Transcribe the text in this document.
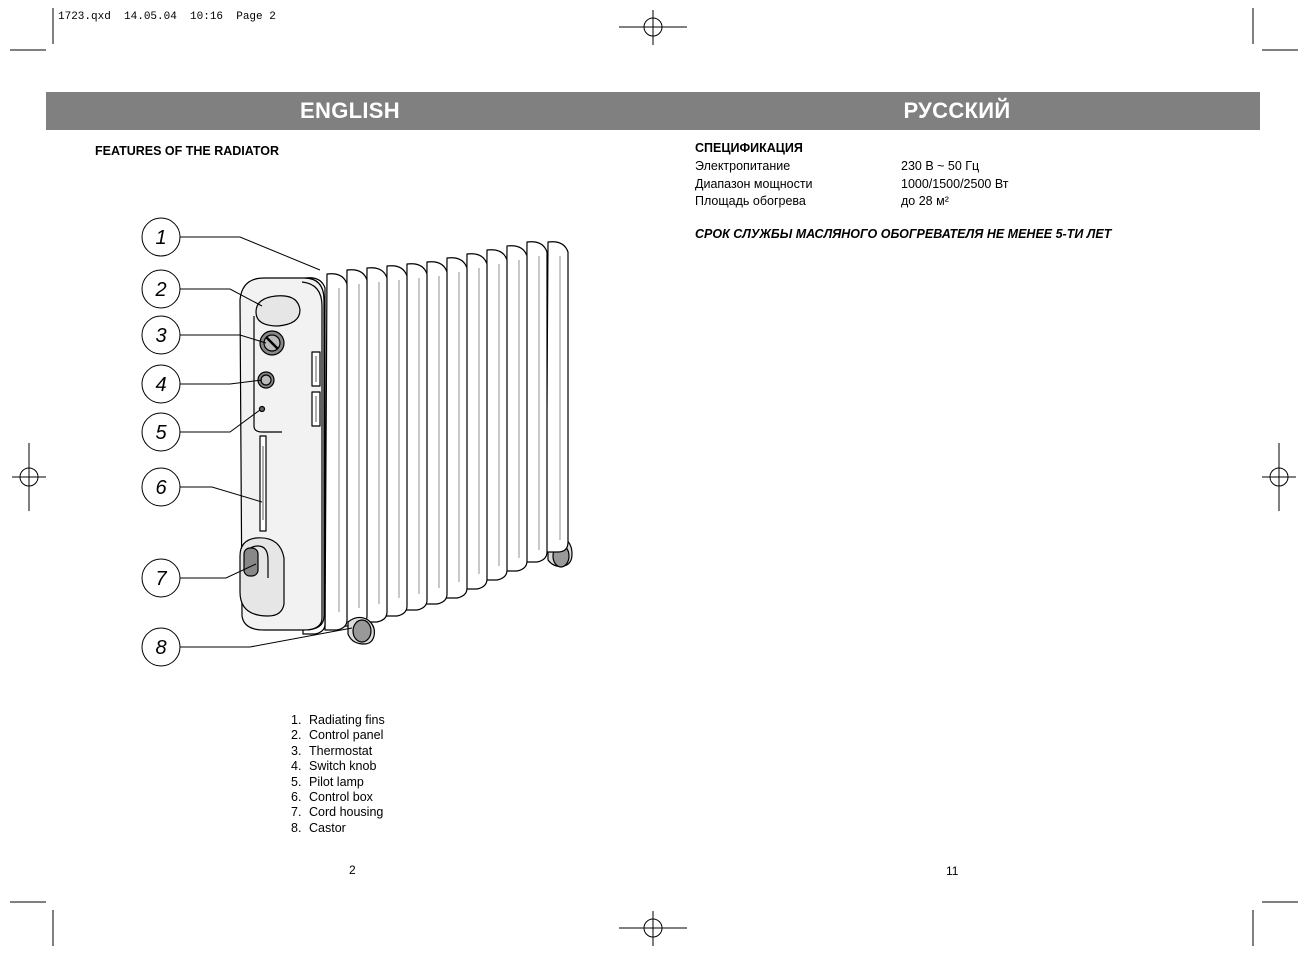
1723.qxd  14.05.04  10:16  Page 2
ENGLISH	РУССКИЙ
FEATURES OF THE RADIATOR
1
2
3
4
5
6
7
8
1. Radiating fins
2. Control panel
3. Thermostat
4. Switch knob
5. Pilot lamp
6. Control box
7. Cord housing
8. Castor
2
СПЕЦИФИКАЦИЯ
Электропитание	230 В ~ 50 Гц
Диапазон мощности	1000/1500/2500 Вт
Площадь обогрева	до 28 м²
СРОК СЛУЖБЫ МАСЛЯНОГО ОБОГРЕВАТЕЛЯ НЕ МЕНЕЕ 5-ТИ ЛЕТ
11
